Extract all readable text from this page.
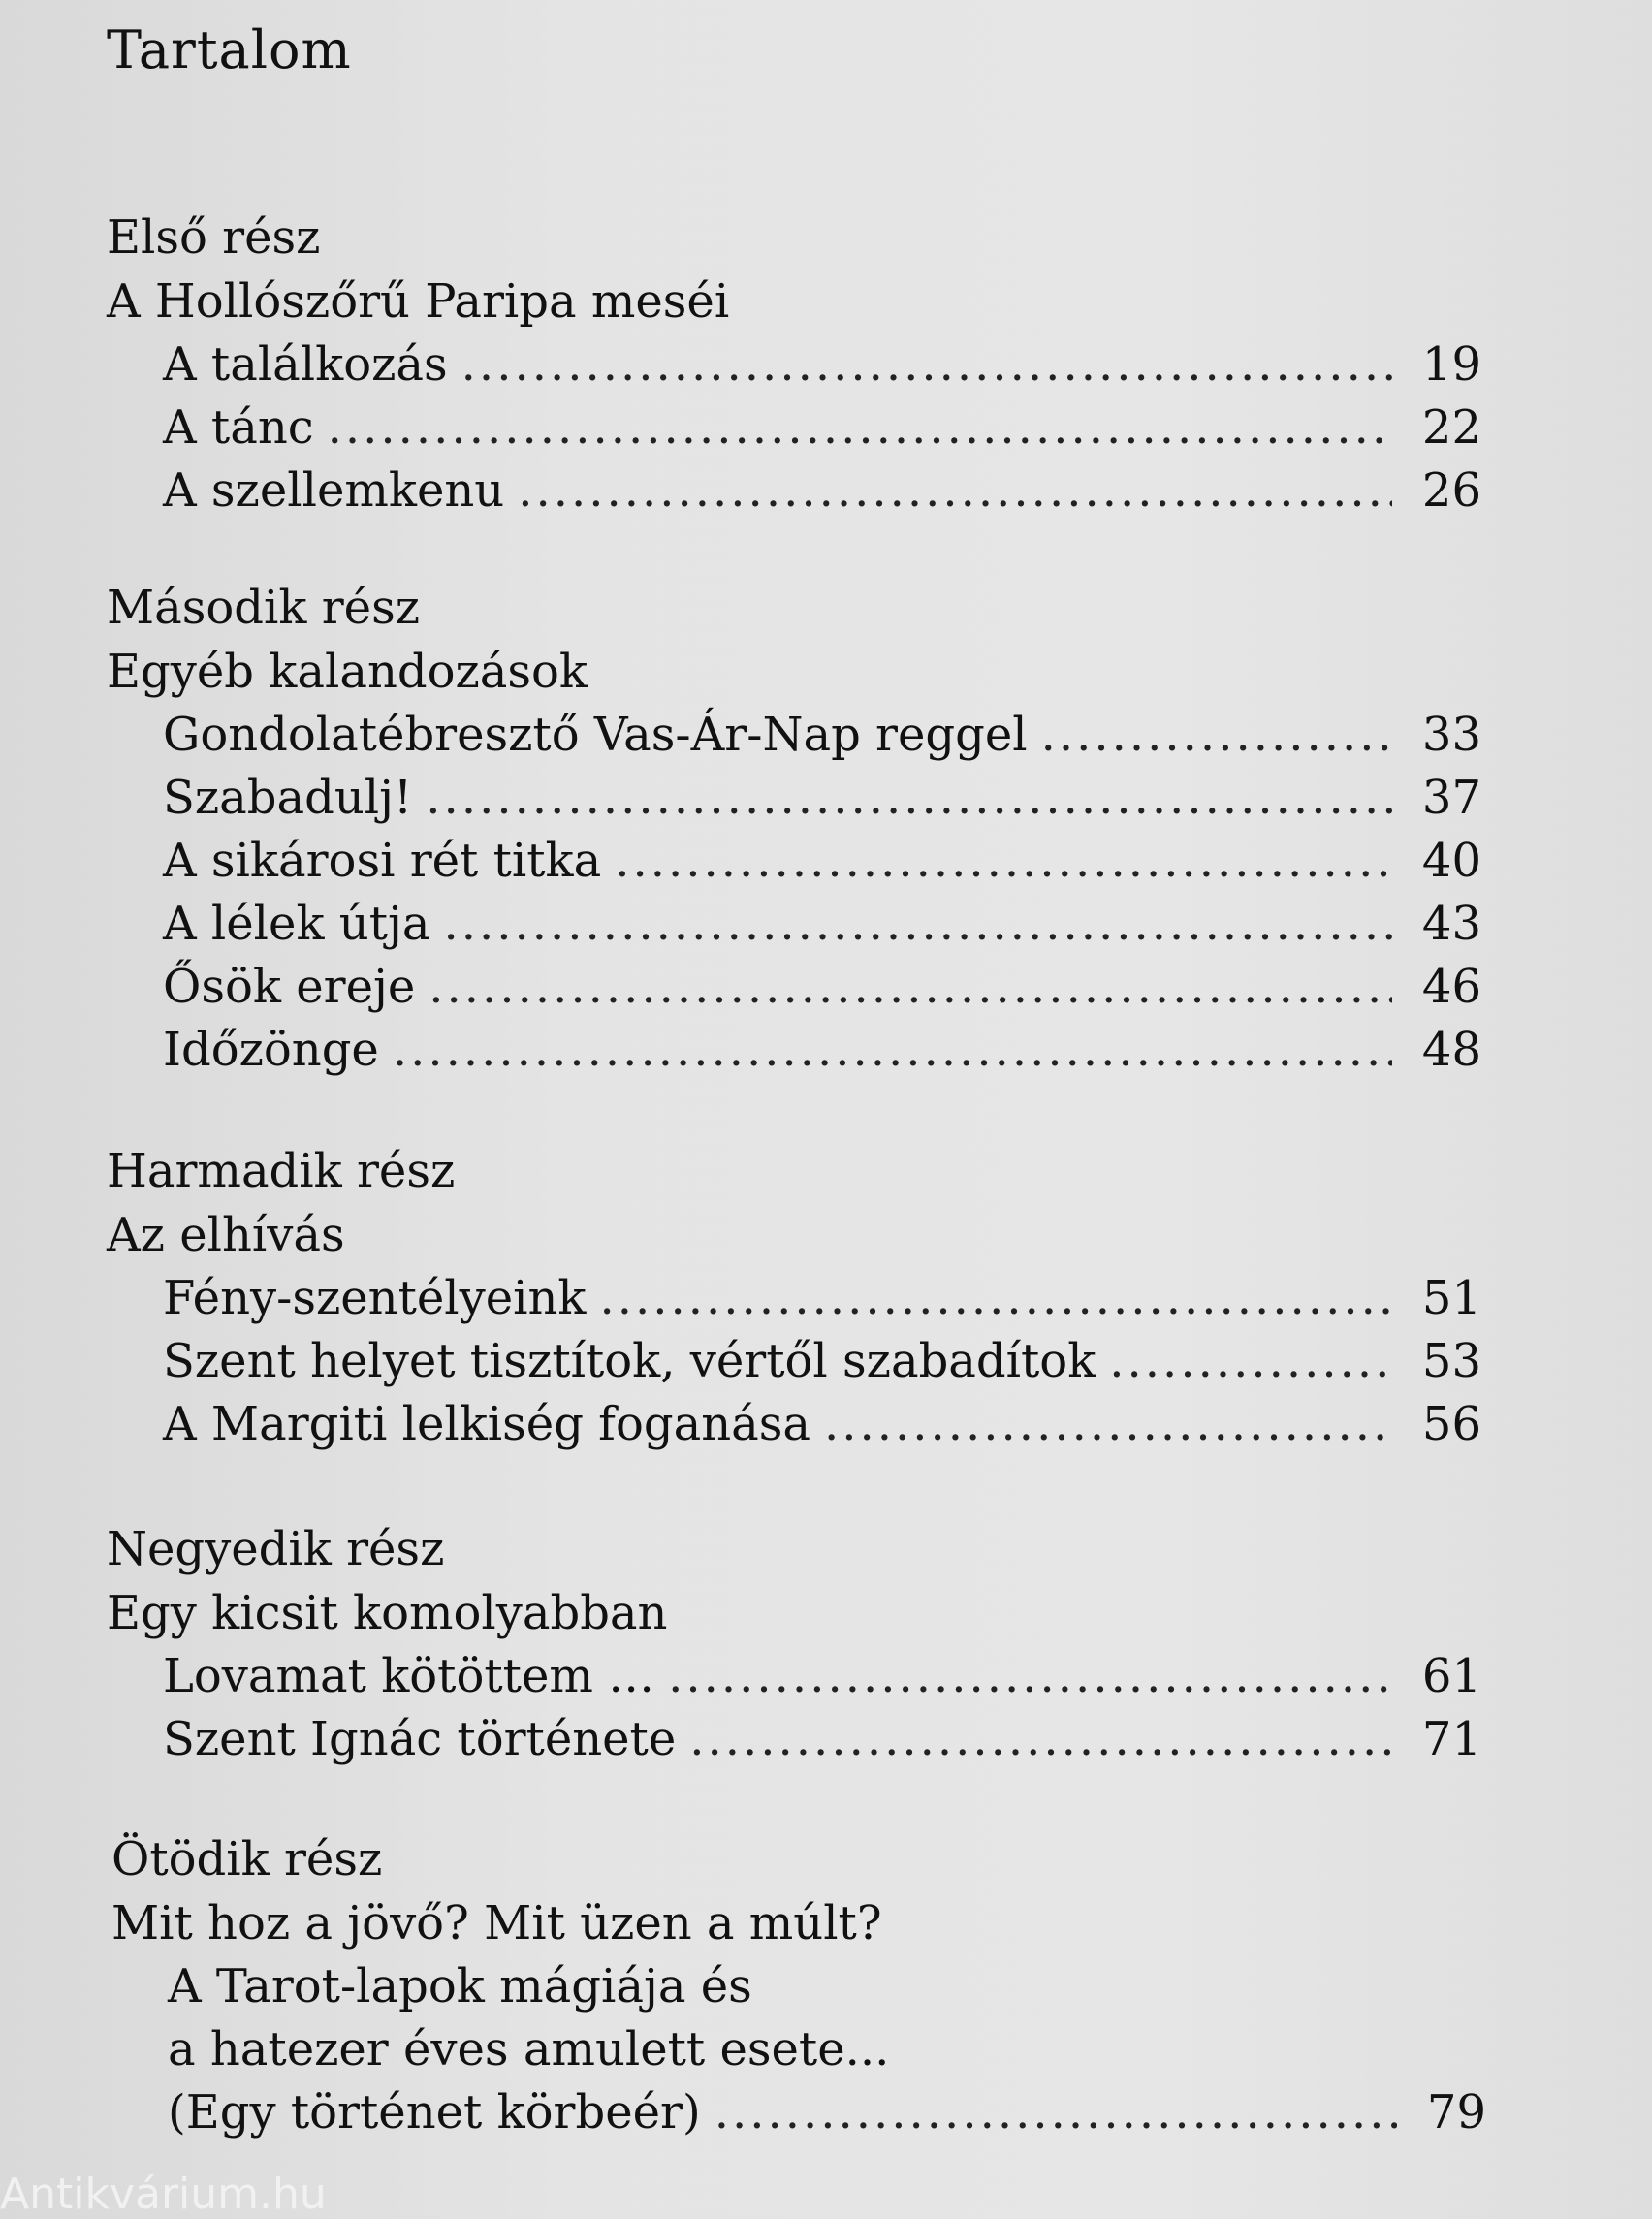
Tartalom
Első rész
A Hollószőrű Paripa meséi
A találkozás .....	19
A tánc .....	22
A szellemkenu .....	26
Második rész
Egyéb kalandozások
Gondolatébresztő Vas-Ár-Nap reggel .....	33
Szabadulj! .....	37
A sikárosi rét titka .....	40
A lélek útja .....	43
Ősök ereje .....	46
Időzönge .....	48
Harmadik rész
Az elhívás
Fény-szentélyeink .....	51
Szent helyet tisztítok, vértől szabadítok .....	53
A Margiti lelkiség foganása .....	56
Negyedik rész
Egy kicsit komolyabban
Lovamat kötöttem … .....	61
Szent Ignác története .....	71
Ötödik rész
Mit hoz a jövő? Mit üzen a múlt?
A Tarot-lapok mágiája és
a hatezer éves amulett esete...
(Egy történet körbeér) .....	79
Antikvárium.hu
